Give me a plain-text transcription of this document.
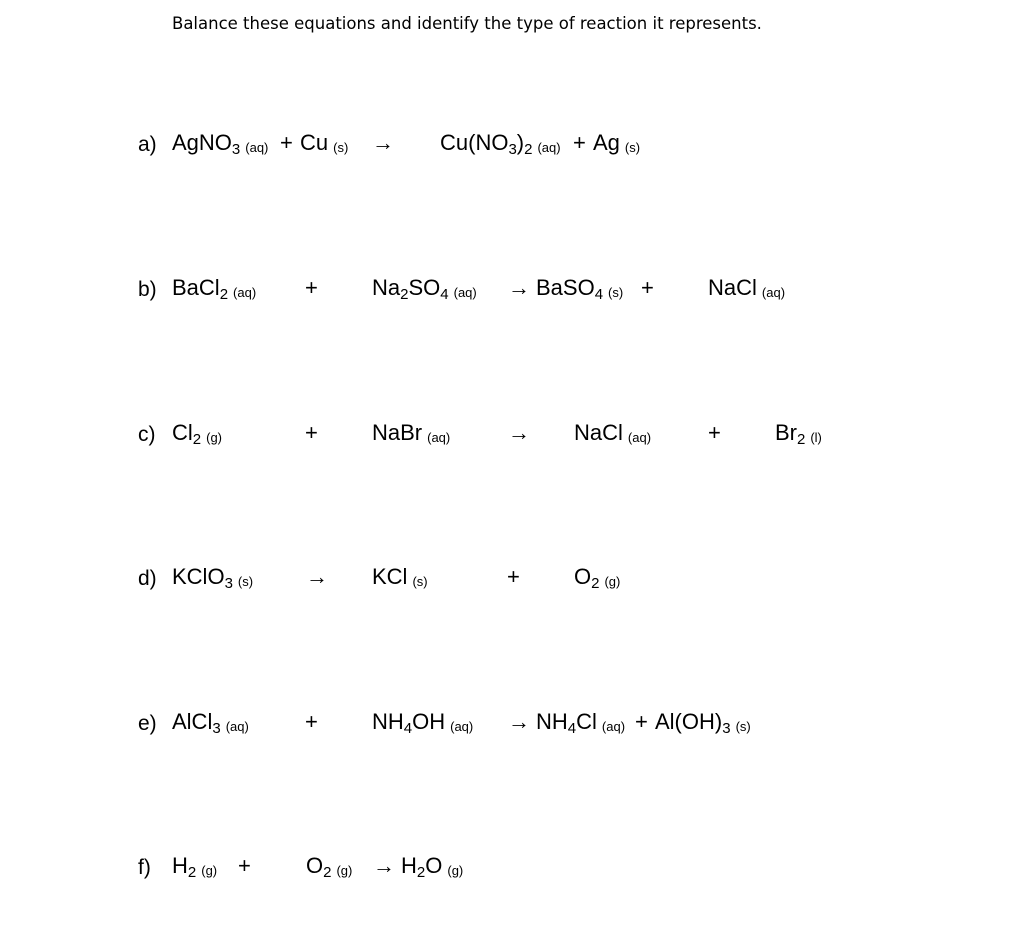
Balance these equations and identify the type of reaction it represents.
a) AgNO3 (aq) + Cu (s) → Cu(NO3)2 (aq) + Ag (s)
b) BaCl2 (aq) + Na2SO4 (aq) → BaSO4 (s) + NaCl (aq)
c) Cl2 (g)	+ NaBr (aq)	→ NaCl (aq)	+ Br2 (l)
d) KClO3 (s) → KCl (s)	+ O2 (g)
e) AlCl3 (aq)	+ NH4OH (aq) → NH4Cl (aq) + Al(OH)3 (s)
f) H2 (g) +	O2 (g) → H2O (g)
